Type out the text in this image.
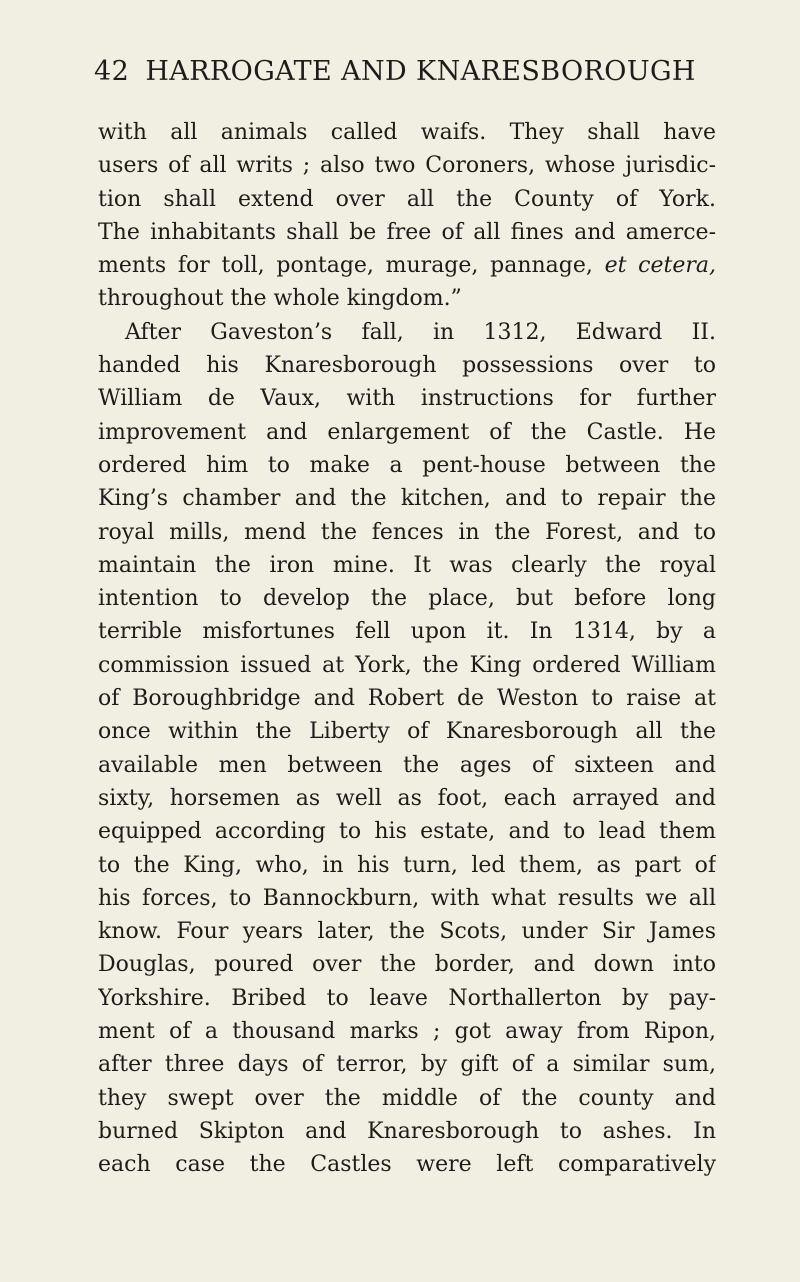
42 HARROGATE AND KNARESBOROUGH
with all animals called waifs. They shall have
users of all writs ; also two Coroners, whose jurisdic-
tion shall extend over all the County of York.
The inhabitants shall be free of all fines and amerce-
ments for toll, pontage, murage, pannage, et cetera,
throughout the whole kingdom.”
After Gaveston’s fall, in 1312, Edward II.
handed his Knaresborough possessions over to
William de Vaux, with instructions for further
improvement and enlargement of the Castle. He
ordered him to make a pent-house between the
King’s chamber and the kitchen, and to repair the
royal mills, mend the fences in the Forest, and to
maintain the iron mine. It was clearly the royal
intention to develop the place, but before long
terrible misfortunes fell upon it. In 1314, by a
commission issued at York, the King ordered William
of Boroughbridge and Robert de Weston to raise at
once within the Liberty of Knaresborough all the
available men between the ages of sixteen and
sixty, horsemen as well as foot, each arrayed and
equipped according to his estate, and to lead them
to the King, who, in his turn, led them, as part of
his forces, to Bannockburn, with what results we all
know. Four years later, the Scots, under Sir James
Douglas, poured over the border, and down into
Yorkshire. Bribed to leave Northallerton by pay-
ment of a thousand marks ; got away from Ripon,
after three days of terror, by gift of a similar sum,
they swept over the middle of the county and
burned Skipton and Knaresborough to ashes. In
each case the Castles were left comparatively
